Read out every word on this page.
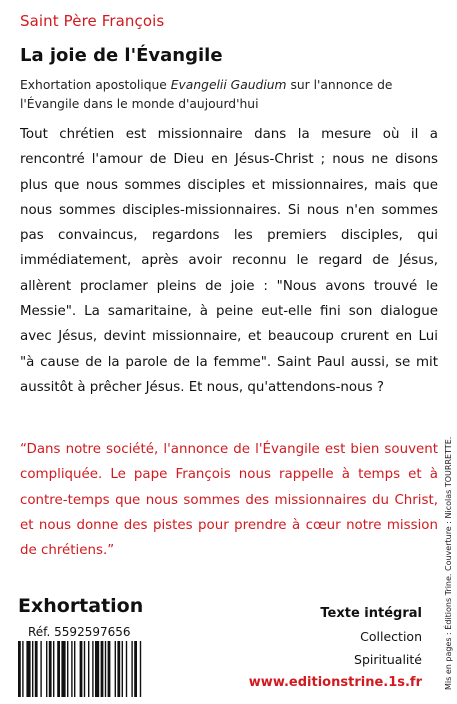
Saint Père François
La joie de l'Évangile
Exhortation apostolique Evangelii Gaudium sur l'annonce de l'Évangile dans le monde d'aujourd'hui
Tout chrétien est missionnaire dans la mesure où il a rencontré l'amour de Dieu en Jésus-Christ ; nous ne disons plus que nous sommes disciples et missionnaires, mais que nous sommes disciples-missionnaires. Si nous n'en sommes pas convaincus, regardons les premiers disciples, qui immédiatement, après avoir reconnu le regard de Jésus, allèrent proclamer pleins de joie : "Nous avons trouvé le Messie". La samaritaine, à peine eut-elle fini son dialogue avec Jésus, devint missionnaire, et beaucoup crurent en Lui "à cause de la parole de la femme". Saint Paul aussi, se mit aussitôt à prêcher Jésus. Et nous, qu'attendons-nous ?
“Dans notre société, l'annonce de l'Évangile est bien souvent compliquée. Le pape François nous rappelle à temps et à contre-temps que nous sommes des missionnaires du Christ, et nous donne des pistes pour prendre à cœur notre mission de chrétiens.”	Mis en pages : Éditions Trine. Couverture : Nicolas TOURRETTE.
Exhortation
Réf. 5592597656
Texte intégral
Collection
Spiritualité
www.editionstrine.1s.fr
